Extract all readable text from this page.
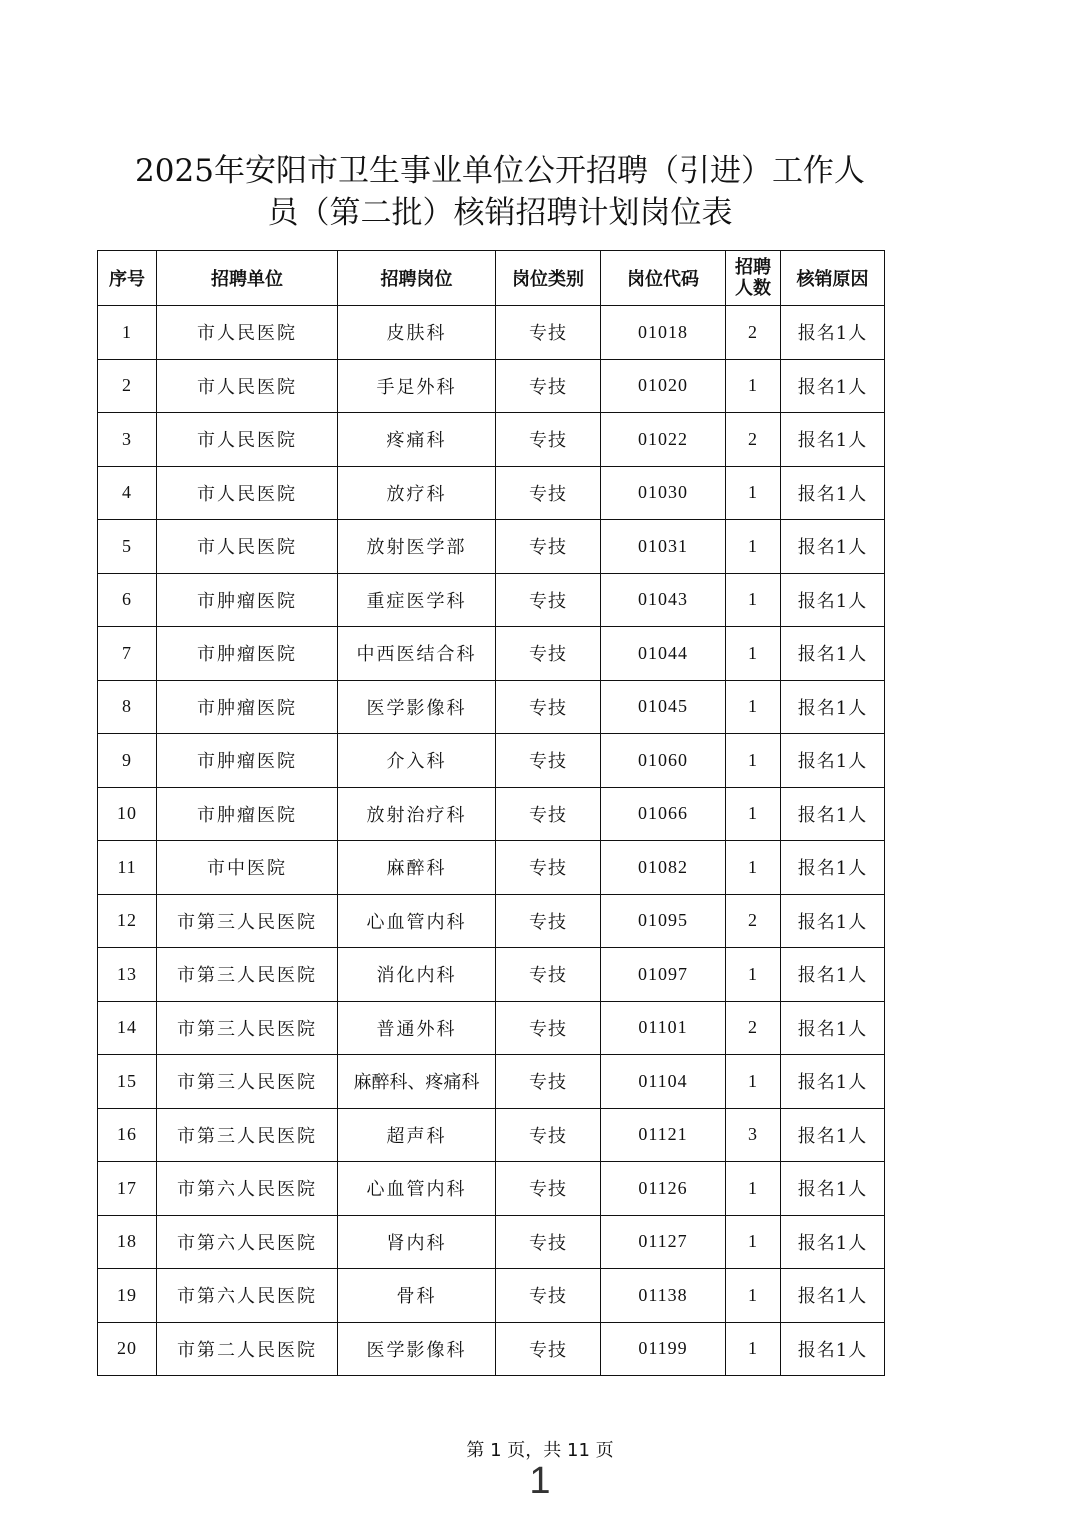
2025年安阳市卫生事业单位公开招聘（引进）工作人
员（第二批）核销招聘计划岗位表
序号	招聘单位	招聘岗位	岗位类别	岗位代码	招聘
人数	核销原因
1	市人民医院	皮肤科	专技	01018	2	报名1人
2	市人民医院	手足外科	专技	01020	1	报名1人
3	市人民医院	疼痛科	专技	01022	2	报名1人
4	市人民医院	放疗科	专技	01030	1	报名1人
5	市人民医院	放射医学部	专技	01031	1	报名1人
6	市肿瘤医院	重症医学科	专技	01043	1	报名1人
7	市肿瘤医院	中西医结合科	专技	01044	1	报名1人
8	市肿瘤医院	医学影像科	专技	01045	1	报名1人
9	市肿瘤医院	介入科	专技	01060	1	报名1人
10	市肿瘤医院	放射治疗科	专技	01066	1	报名1人
11	市中医院	麻醉科	专技	01082	1	报名1人
12	市第三人民医院	心血管内科	专技	01095	2	报名1人
13	市第三人民医院	消化内科	专技	01097	1	报名1人
14	市第三人民医院	普通外科	专技	01101	2	报名1人
15	市第三人民医院	麻醉科、疼痛科	专技	01104	1	报名1人
16	市第三人民医院	超声科	专技	01121	3	报名1人
17	市第六人民医院	心血管内科	专技	01126	1	报名1人
18	市第六人民医院	肾内科	专技	01127	1	报名1人
19	市第六人民医院	骨科	专技	01138	1	报名1人
20	市第二人民医院	医学影像科	专技	01199	1	报名1人
第 1 页，共 11 页
1
